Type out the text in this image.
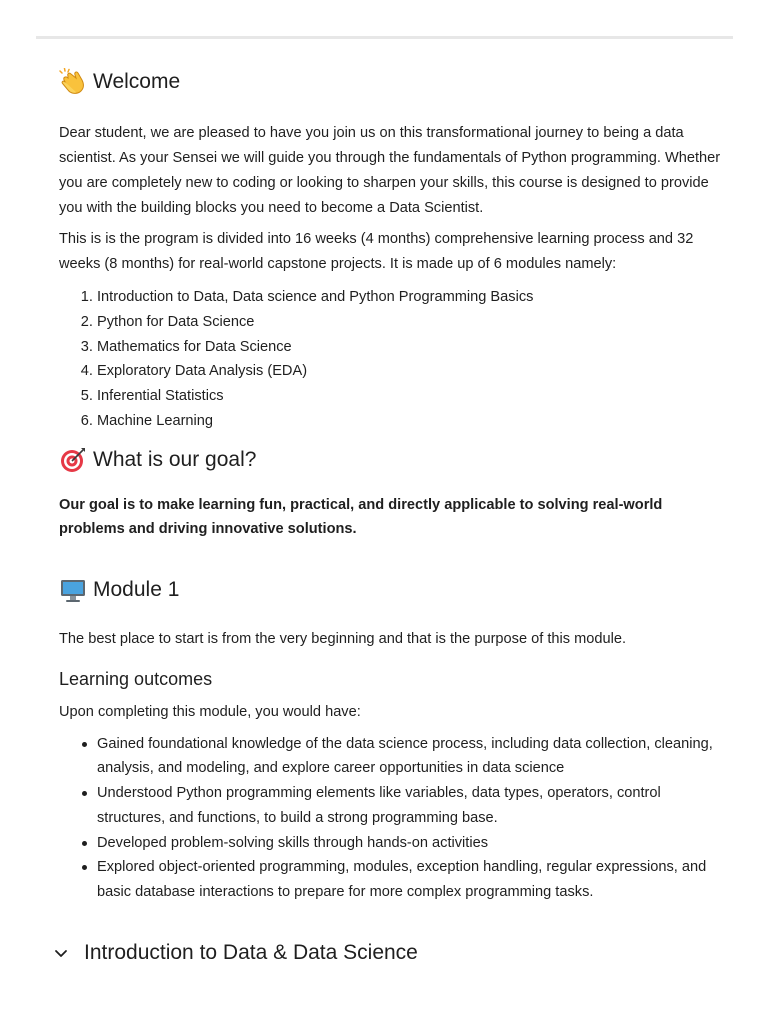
Welcome

Dear student, we are pleased to have you join us on this transformational journey to being a data scientist. As your Sensei we will guide you through the fundamentals of Python programming. Whether you are completely new to coding or looking to sharpen your skills, this course is designed to provide you with the building blocks you need to become a Data Scientist.

This is is the program is divided into 16 weeks (4 months) comprehensive learning process and 32 weeks (8 months) for real-world capstone projects. It is made up of 6 modules namely:

1. Introduction to Data, Data science and Python Programming Basics
2. Python for Data Science
3. Mathematics for Data Science
4. Exploratory Data Analysis (EDA)
5. Inferential Statistics
6. Machine Learning
What is our goal?

Our goal is to make learning fun, practical, and directly applicable to solving real-world problems and driving innovative solutions.

Module 1

The best place to start is from the very beginning and that is the purpose of this module.

Learning outcomes

Upon completing this module, you would have:

Gained foundational knowledge of the data science process, including data collection, cleaning, analysis, and modeling, and explore career opportunities in data science
Understood Python programming elements like variables, data types, operators, control structures, and functions, to build a strong programming base.
Developed problem-solving skills through hands-on activities
Explored object-oriented programming, modules, exception handling, regular expressions, and basic database interactions to prepare for more complex programming tasks.
Introduction to Data & Data Science
